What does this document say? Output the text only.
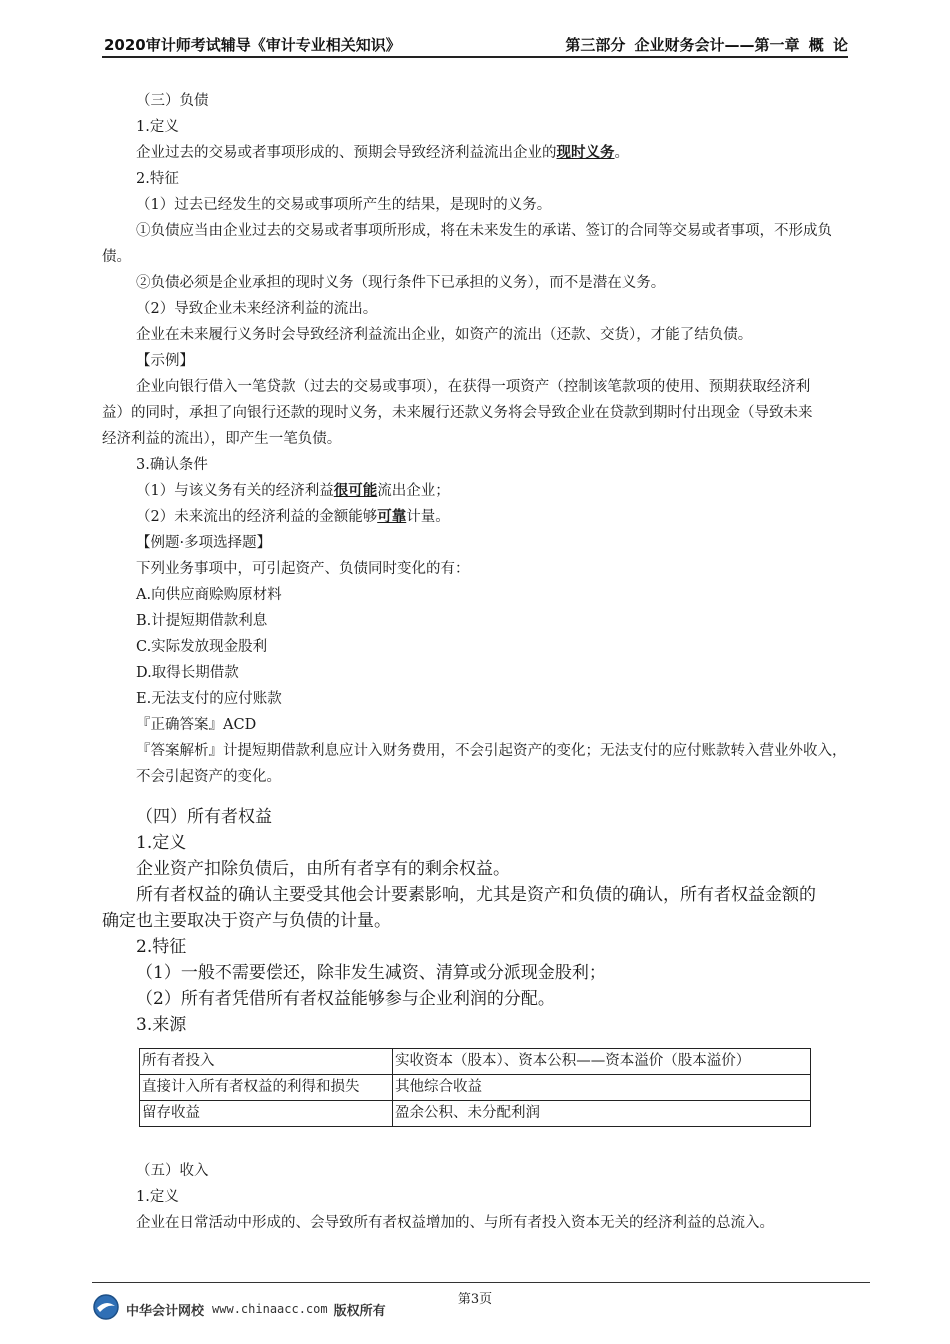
2020审计师考试辅导《审计专业相关知识》	第三部分 企业财务会计——第一章 概 论
（三）负债
1.定义
企业过去的交易或者事项形成的、预期会导致经济利益流出企业的现时义务。
2.特征
（1）过去已经发生的交易或事项所产生的结果，是现时的义务。
①负债应当由企业过去的交易或者事项所形成，将在未来发生的承诺、签订的合同等交易或者事项，不形成负债。
②负债必须是企业承担的现时义务（现行条件下已承担的义务），而不是潜在义务。
（2）导致企业未来经济利益的流出。
企业在未来履行义务时会导致经济利益流出企业，如资产的流出（还款、交货），才能了结负债。
【示例】
企业向银行借入一笔贷款（过去的交易或事项），在获得一项资产（控制该笔款项的使用、预期获取经济利益）的同时，承担了向银行还款的现时义务，未来履行还款义务将会导致企业在贷款到期时付出现金（导致未来经济利益的流出），即产生一笔负债。
3.确认条件
（1）与该义务有关的经济利益很可能流出企业；
（2）未来流出的经济利益的金额能够可靠计量。
【例题·多项选择题】
下列业务事项中，可引起资产、负债同时变化的有：
A.向供应商赊购原材料
B.计提短期借款利息
C.实际发放现金股利
D.取得长期借款
E.无法支付的应付账款
『正确答案』ACD
『答案解析』计提短期借款利息应计入财务费用，不会引起资产的变化；无法支付的应付账款转入营业外收入，不会引起资产的变化。
（四）所有者权益
1.定义
企业资产扣除负债后，由所有者享有的剩余权益。
所有者权益的确认主要受其他会计要素影响，尤其是资产和负债的确认，所有者权益金额的确定也主要取决于资产与负债的计量。
2.特征
（1）一般不需要偿还，除非发生减资、清算或分派现金股利；
（2）所有者凭借所有者权益能够参与企业利润的分配。
3.来源
所有者投入	实收资本（股本）、资本公积——资本溢价（股本溢价）
直接计入所有者权益的利得和损失	其他综合收益
留存收益	盈余公积、未分配利润
（五）收入
1.定义
企业在日常活动中形成的、会导致所有者权益增加的、与所有者投入资本无关的经济利益的总流入。
第3页
中华会计网校 www.chinaacc.com 版权所有
